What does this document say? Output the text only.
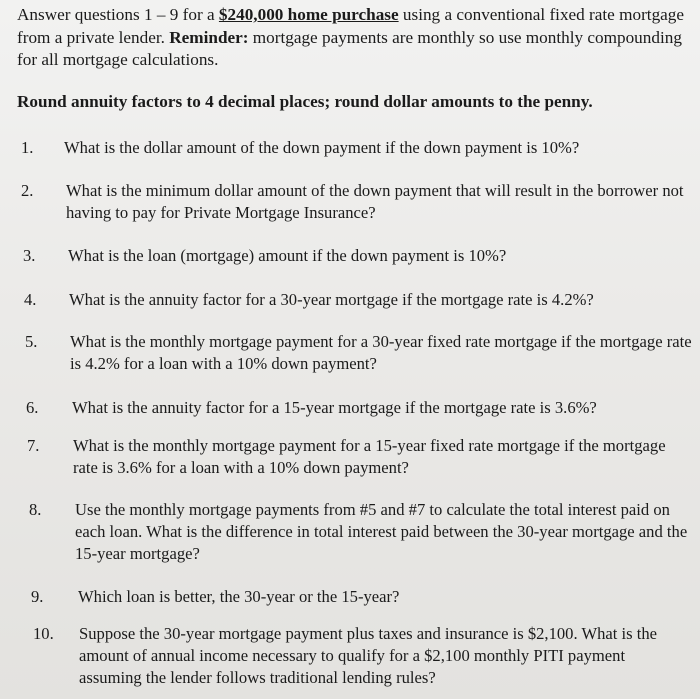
Answer questions 1 – 9 for a $240,000 home purchase using a conventional fixed rate mortgage from a private lender. Reminder: mortgage payments are monthly so use monthly compounding for all mortgage calculations.
Round annuity factors to 4 decimal places; round dollar amounts to the penny.
1. What is the dollar amount of the down payment if the down payment is 10%?
2. What is the minimum dollar amount of the down payment that will result in the borrower not having to pay for Private Mortgage Insurance?
3. What is the loan (mortgage) amount if the down payment is 10%?
4. What is the annuity factor for a 30-year mortgage if the mortgage rate is 4.2%?
5. What is the monthly mortgage payment for a 30-year fixed rate mortgage if the mortgage rate is 4.2% for a loan with a 10% down payment?
6. What is the annuity factor for a 15-year mortgage if the mortgage rate is 3.6%?
7. What is the monthly mortgage payment for a 15-year fixed rate mortgage if the mortgage rate is 3.6% for a loan with a 10% down payment?
8. Use the monthly mortgage payments from #5 and #7 to calculate the total interest paid on each loan. What is the difference in total interest paid between the 30-year mortgage and the 15-year mortgage?
9. Which loan is better, the 30-year or the 15-year?
10. Suppose the 30-year mortgage payment plus taxes and insurance is $2,100. What is the amount of annual income necessary to qualify for a $2,100 monthly PITI payment assuming the lender follows traditional lending rules?
